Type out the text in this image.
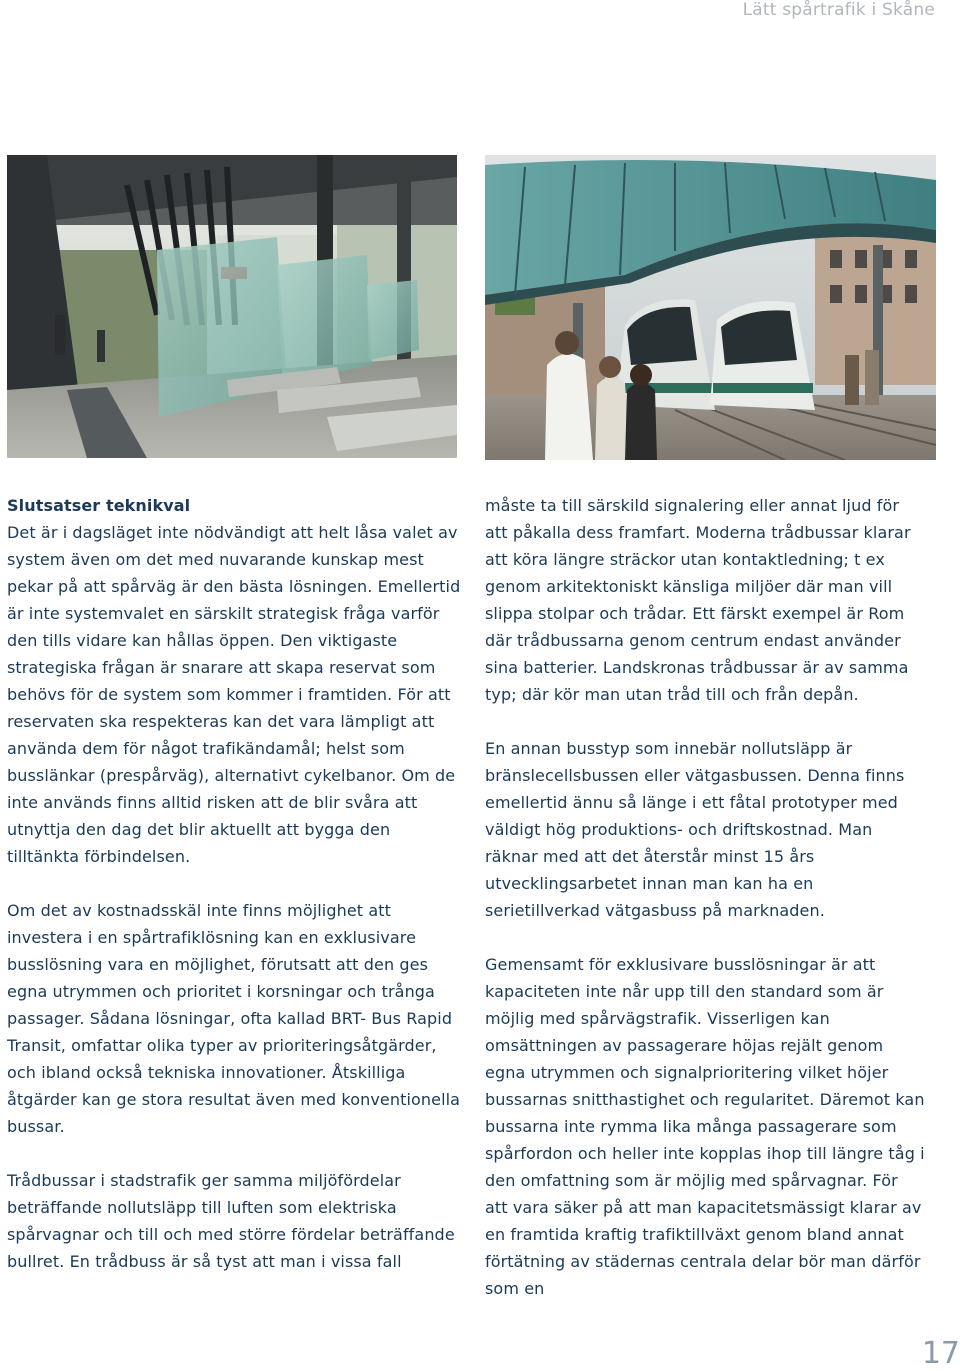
Lätt spårtrafik i Skåne

Slutsatser teknikval
Det är i dagsläget inte nödvändigt att helt låsa valet av system även om det med nuvarande kunskap mest pekar på att spårväg är den bästa lösningen. Emellertid är inte systemvalet en särskilt strategisk fråga varför den tills vidare kan hållas öppen. Den viktigaste strategiska frågan är snarare att skapa reservat som behövs för de system som kommer i framtiden. För att reservaten ska respekteras kan det vara lämpligt att använda dem för något trafikändamål; helst som busslänkar (prespårväg), alternativt cykelbanor. Om de inte används finns alltid risken att de blir svåra att utnyttja den dag det blir aktuellt att bygga den tilltänkta förbindelsen.

Om det av kostnadsskäl inte finns möjlighet att investera i en spårtrafiklösning kan en exklusivare busslösning vara en möjlighet, förutsatt att den ges egna utrymmen och prioritet i korsningar och trånga passager. Sådana lösningar, ofta kallad BRT- Bus Rapid Transit, omfattar olika typer av prioriteringsåtgärder, och ibland också tekniska innovationer. Åtskilliga åtgärder kan ge stora resultat även med konventionella bussar.

Trådbussar i stadstrafik ger samma miljöfördelar beträffande nollutsläpp till luften som elektriska spårvagnar och till och med större fördelar beträffande bullret. En trådbuss är så tyst att man i vissa fall

måste ta till särskild signalering eller annat ljud för att påkalla dess framfart. Moderna trådbussar klarar att köra längre sträckor utan kontaktledning; t ex genom arkitektoniskt känsliga miljöer där man vill slippa stolpar och trådar. Ett färskt exempel är Rom där trådbussarna genom centrum endast använder sina batterier. Landskronas trådbussar är av samma typ; där kör man utan tråd till och från depån.

En annan busstyp som innebär nollutsläpp är bränslecellsbussen eller vätgasbussen. Denna finns emellertid ännu så länge i ett fåtal prototyper med väldigt hög produktions- och driftskostnad. Man räknar med att det återstår minst 15 års utvecklingsarbetet innan man kan ha en serietillverkad vätgasbuss på marknaden.

Gemensamt för exklusivare busslösningar är att kapaciteten inte når upp till den standard som är möjlig med spårvägstrafik. Visserligen kan omsättningen av passagerare höjas rejält genom egna utrymmen och signalprioritering vilket höjer bussarnas snitthastighet och regularitet. Däremot kan bussarna inte rymma lika många passagerare som spårfordon och heller inte kopplas ihop till längre tåg i den omfattning som är möjlig med spårvagnar. För att vara säker på att man kapacitetsmässigt klarar av en framtida kraftig trafiktillväxt genom bland annat förtätning av städernas centrala delar bör man därför som en

17
